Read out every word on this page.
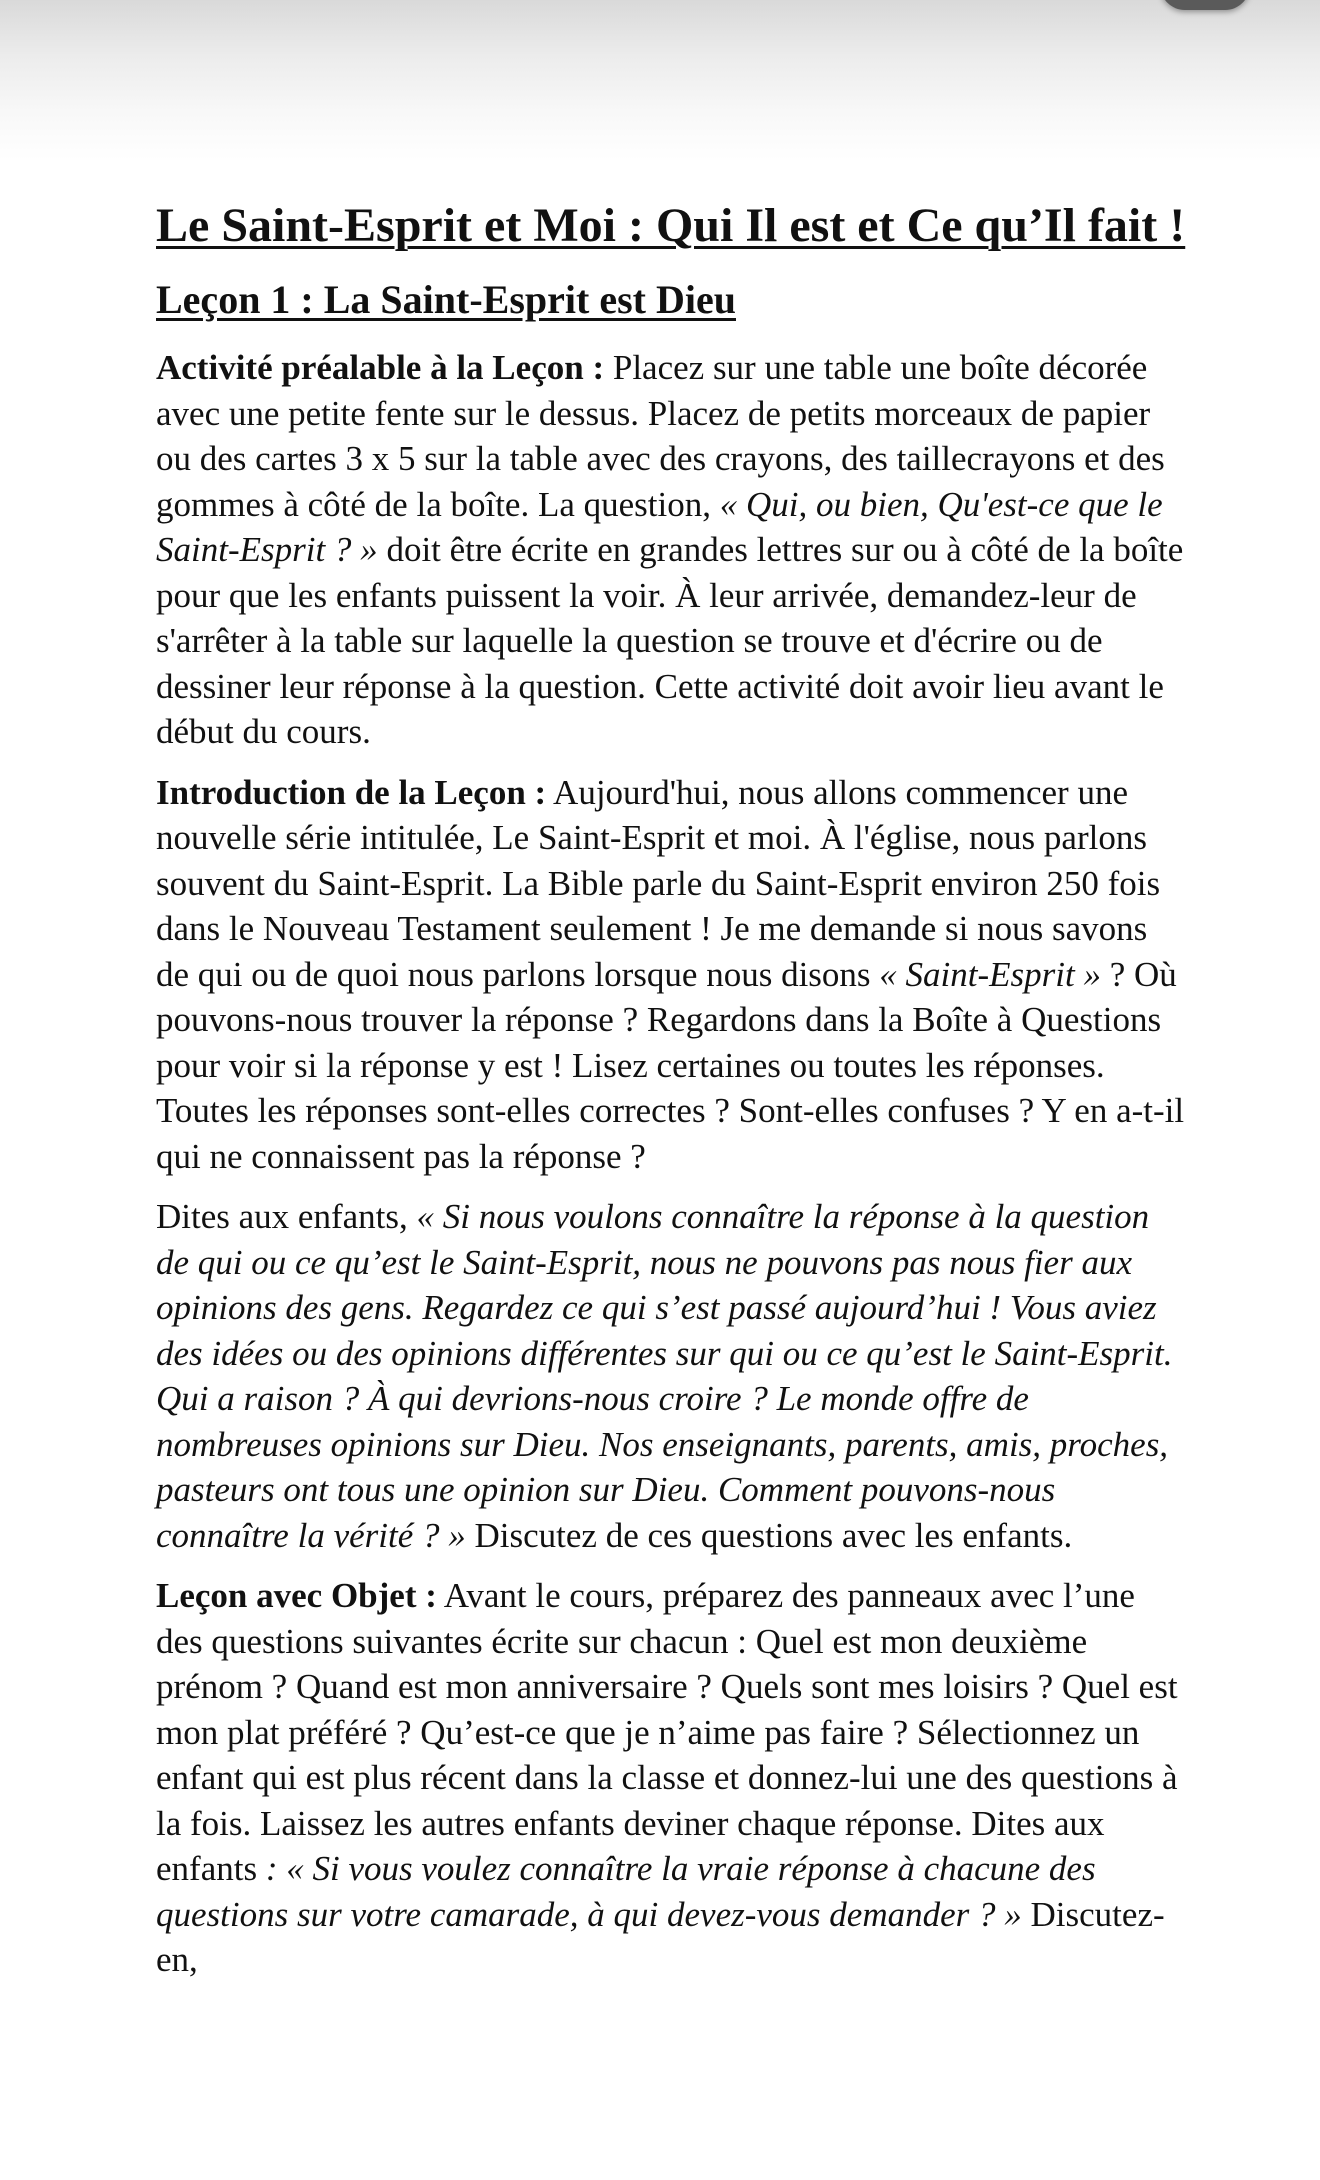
Le Saint-Esprit et Moi : Qui Il est et Ce qu’Il fait !
Leçon 1 : La Saint-Esprit est Dieu

Activité préalable à la Leçon : Placez sur une table une boîte décorée avec une petite fente sur le dessus. Placez de petits morceaux de papier ou des cartes 3 x 5 sur la table avec des crayons, des taillecrayons et des gommes à côté de la boîte. La question, « Qui, ou bien, Qu'est-ce que le Saint-Esprit ? » doit être écrite en grandes lettres sur ou à côté de la boîte pour que les enfants puissent la voir. À leur arrivée, demandez-leur de s'arrêter à la table sur laquelle la question se trouve et d'écrire ou de dessiner leur réponse à la question. Cette activité doit avoir lieu avant le début du cours.

Introduction de la Leçon : Aujourd'hui, nous allons commencer une nouvelle série intitulée, Le Saint-Esprit et moi. À l'église, nous parlons souvent du Saint-Esprit. La Bible parle du Saint-Esprit environ 250 fois dans le Nouveau Testament seulement ! Je me demande si nous savons de qui ou de quoi nous parlons lorsque nous disons « Saint-Esprit » ? Où pouvons-nous trouver la réponse ? Regardons dans la Boîte à Questions pour voir si la réponse y est ! Lisez certaines ou toutes les réponses. Toutes les réponses sont-elles correctes ? Sont-elles confuses ? Y en a-t-il qui ne connaissent pas la réponse ?

Dites aux enfants, « Si nous voulons connaître la réponse à la question de qui ou ce qu’est le Saint-Esprit, nous ne pouvons pas nous fier aux opinions des gens. Regardez ce qui s’est passé aujourd’hui ! Vous aviez des idées ou des opinions différentes sur qui ou ce qu’est le Saint-Esprit. Qui a raison ? À qui devrions-nous croire ? Le monde offre de nombreuses opinions sur Dieu. Nos enseignants, parents, amis, proches, pasteurs ont tous une opinion sur Dieu. Comment pouvons-nous connaître la vérité ? » Discutez de ces questions avec les enfants.

Leçon avec Objet : Avant le cours, préparez des panneaux avec l’une des questions suivantes écrite sur chacun : Quel est mon deuxième prénom ? Quand est mon anniversaire ? Quels sont mes loisirs ? Quel est mon plat préféré ? Qu’est-ce que je n’aime pas faire ? Sélectionnez un enfant qui est plus récent dans la classe et donnez-lui une des questions à la fois. Laissez les autres enfants deviner chaque réponse. Dites aux enfants : « Si vous voulez connaître la vraie réponse à chacune des questions sur votre camarade, à qui devez-vous demander ? » Discutez-en,
